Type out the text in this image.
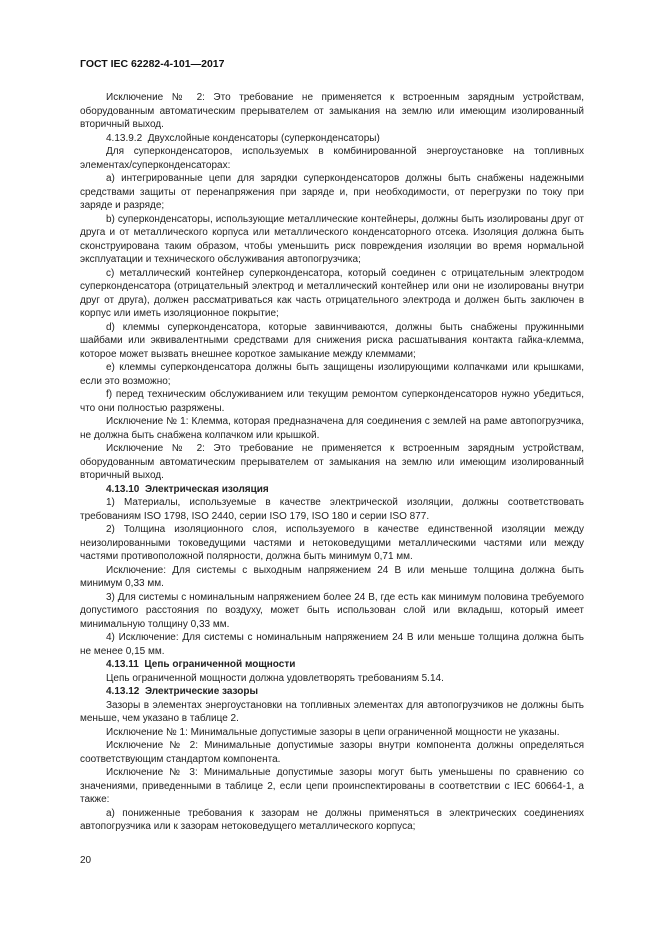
ГОСТ IEC 62282-4-101—2017

Исключение № 2: Это требование не применяется к встроенным зарядным устройствам, оборудованным автоматическим прерывателем от замыкания на землю или имеющим изолированный вторичный выход.

4.13.9.2 Двухслойные конденсаторы (суперконденсаторы)

Для суперконденсаторов, используемых в комбинированной энергоустановке на топливных элементах/суперконденсаторах:

а) интегрированные цепи для зарядки суперконденсаторов должны быть снабжены надежными средствами защиты от перенапряжения при заряде и, при необходимости, от перегрузки по току при заряде и разряде;

b) суперконденсаторы, использующие металлические контейнеры, должны быть изолированы друг от друга и от металлического корпуса или металлического конденсаторного отсека. Изоляция должна быть сконструирована таким образом, чтобы уменьшить риск повреждения изоляции во время нормальной эксплуатации и технического обслуживания автопогрузчика;

с) металлический контейнер суперконденсатора, который соединен с отрицательным электродом суперконденсатора (отрицательный электрод и металлический контейнер или они не изолированы внутри друг от друга), должен рассматриваться как часть отрицательного электрода и должен быть заключен в корпус или иметь изоляционное покрытие;

d) клеммы суперконденсатора, которые завинчиваются, должны быть снабжены пружинными шайбами или эквивалентными средствами для снижения риска расшатывания контакта гайка-клемма, которое может вызвать внешнее короткое замыкание между клеммами;

е) клеммы суперконденсатора должны быть защищены изолирующими колпачками или крышками, если это возможно;

f) перед техническим обслуживанием или текущим ремонтом суперконденсаторов нужно убедиться, что они полностью разряжены.

Исключение № 1: Клемма, которая предназначена для соединения с землей на раме автопогрузчика, не должна быть снабжена колпачком или крышкой.

Исключение № 2: Это требование не применяется к встроенным зарядным устройствам, оборудованным автоматическим прерывателем от замыкания на землю или имеющим изолированный вторичный выход.

4.13.10 Электрическая изоляция

1) Материалы, используемые в качестве электрической изоляции, должны соответствовать требованиям ISO 1798, ISO 2440, серии ISO 179, ISO 180 и серии ISO 877.

2) Толщина изоляционного слоя, используемого в качестве единственной изоляции между неизолированными токоведущими частями и нетоковедущими металлическими частями или между частями противоположной полярности, должна быть минимум 0,71 мм.

Исключение: Для системы с выходным напряжением 24 В или меньше толщина должна быть минимум 0,33 мм.

3) Для системы с номинальным напряжением более 24 В, где есть как минимум половина требуемого допустимого расстояния по воздуху, может быть использован слой или вкладыш, который имеет минимальную толщину 0,33 мм.

4) Исключение: Для системы с номинальным напряжением 24 В или меньше толщина должна быть не менее 0,15 мм.

4.13.11 Цепь ограниченной мощности

Цепь ограниченной мощности должна удовлетворять требованиям 5.14.

4.13.12 Электрические зазоры

Зазоры в элементах энергоустановки на топливных элементах для автопогрузчиков не должны быть меньше, чем указано в таблице 2.

Исключение № 1: Минимальные допустимые зазоры в цепи ограниченной мощности не указаны.

Исключение № 2: Минимальные допустимые зазоры внутри компонента должны определяться соответствующим стандартом компонента.

Исключение № 3: Минимальные допустимые зазоры могут быть уменьшены по сравнению со значениями, приведенными в таблице 2, если цепи проинспектированы в соответствии с IEC 60664-1, а также:

а) пониженные требования к зазорам не должны применяться в электрических соединениях автопогрузчика или к зазорам нетоковедущего металлического корпуса;

20
